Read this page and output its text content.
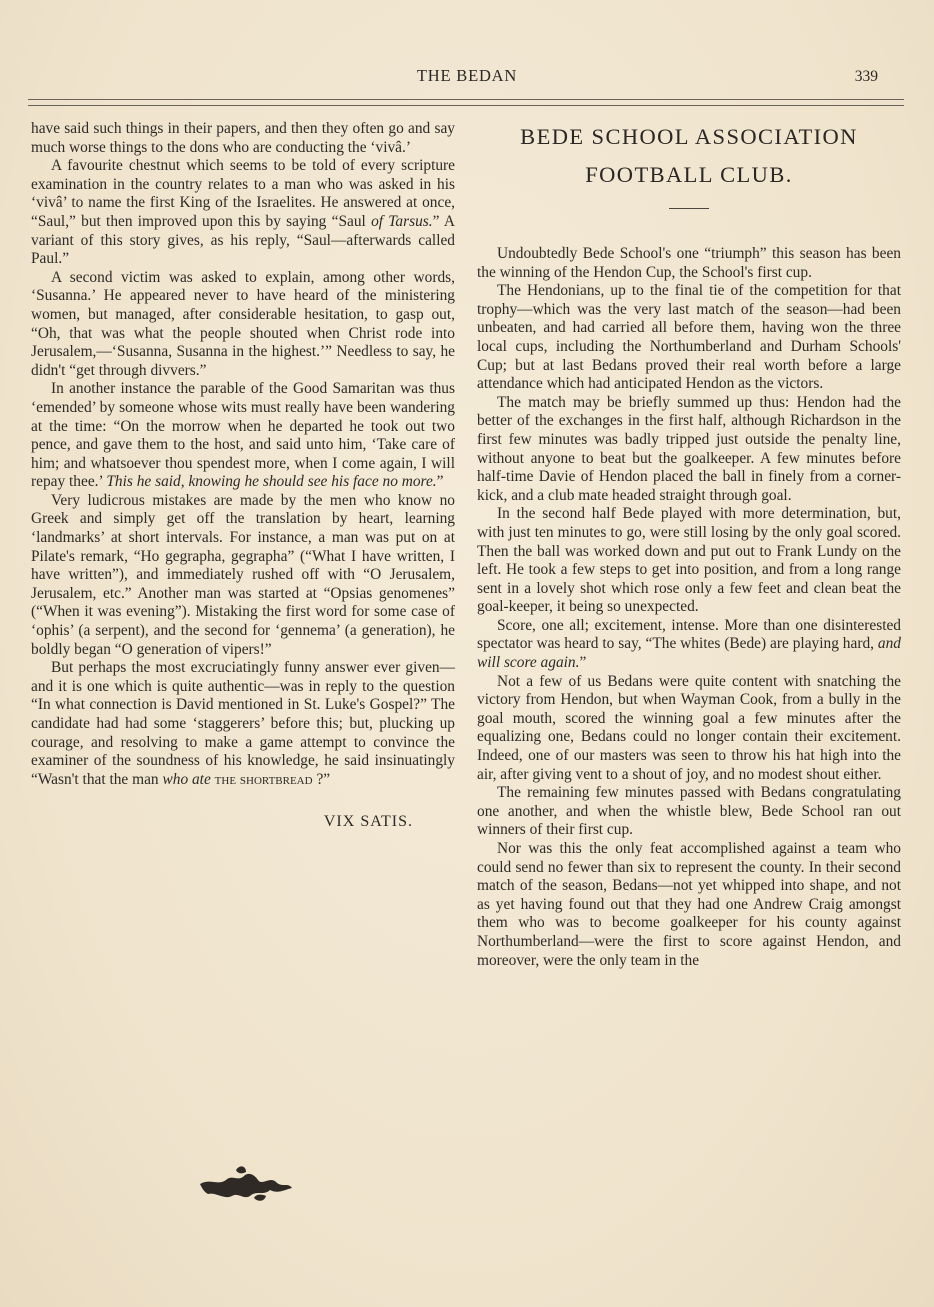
THE BEDAN	339

have said such things in their papers, and then they often go and say much worse things to the dons who are conducting the ‘vivâ.’

A favourite chestnut which seems to be told of every scripture examination in the country relates to a man who was asked in his ‘vivâ’ to name the first King of the Israelites. He answered at once, “Saul,” but then improved upon this by saying “Saul of Tarsus.” A variant of this story gives, as his reply, “Saul—afterwards called Paul.”

A second victim was asked to explain, among other words, ‘Susanna.’ He appeared never to have heard of the ministering women, but managed, after considerable hesitation, to gasp out, “Oh, that was what the people shouted when Christ rode into Jerusalem,—‘Susanna, Susanna in the highest.’” Needless to say, he didn't “get through divvers.”

In another instance the parable of the Good Samaritan was thus ‘emended’ by someone whose wits must really have been wandering at the time: “On the morrow when he departed he took out two pence, and gave them to the host, and said unto him, ‘Take care of him; and whatsoever thou spendest more, when I come again, I will repay thee.’ This he said, knowing he should see his face no more.”

Very ludicrous mistakes are made by the men who know no Greek and simply get off the translation by heart, learning ‘landmarks’ at short intervals. For instance, a man was put on at Pilate's remark, “Ho gegrapha, gegrapha” (“What I have written, I have written”), and immediately rushed off with “O Jerusalem, Jerusalem, etc.” Another man was started at “Opsias genomenes” (“When it was evening”). Mistaking the first word for some case of ‘ophis’ (a serpent), and the second for ‘gennema’ (a generation), he boldly began “O generation of vipers!”

But perhaps the most excruciatingly funny answer ever given—and it is one which is quite authentic—was in reply to the question “In what connection is David mentioned in St. Luke's Gospel?” The candidate had had some ‘staggerers’ before this; but, plucking up courage, and resolving to make a game attempt to convince the examiner of the soundness of his knowledge, he said insinuatingly “Wasn't that the man who ate the shortbread ?”

VIX SATIS.
BEDE SCHOOL ASSOCIATION
FOOTBALL CLUB.

Undoubtedly Bede School's one “triumph” this season has been the winning of the Hendon Cup, the School's first cup.

The Hendonians, up to the final tie of the competition for that trophy—which was the very last match of the season—had been unbeaten, and had carried all before them, having won the three local cups, including the Northumberland and Durham Schools' Cup; but at last Bedans proved their real worth before a large attendance which had anticipated Hendon as the victors.

The match may be briefly summed up thus: Hendon had the better of the exchanges in the first half, although Richardson in the first few minutes was badly tripped just outside the penalty line, without anyone to beat but the goalkeeper. A few minutes before half-time Davie of Hendon placed the ball in finely from a corner-kick, and a club mate headed straight through goal.

In the second half Bede played with more determination, but, with just ten minutes to go, were still losing by the only goal scored. Then the ball was worked down and put out to Frank Lundy on the left. He took a few steps to get into position, and from a long range sent in a lovely shot which rose only a few feet and clean beat the goal-keeper, it being so unexpected.

Score, one all; excitement, intense. More than one disinterested spectator was heard to say, “The whites (Bede) are playing hard, and will score again.”

Not a few of us Bedans were quite content with snatching the victory from Hendon, but when Wayman Cook, from a bully in the goal mouth, scored the winning goal a few minutes after the equalizing one, Bedans could no longer contain their excitement. Indeed, one of our masters was seen to throw his hat high into the air, after giving vent to a shout of joy, and no modest shout either.

The remaining few minutes passed with Bedans congratulating one another, and when the whistle blew, Bede School ran out winners of their first cup.

Nor was this the only feat accomplished against a team who could send no fewer than six to represent the county. In their second match of the season, Bedans—not yet whipped into shape, and not as yet having found out that they had one Andrew Craig amongst them who was to become goalkeeper for his county against Northumberland—were the first to score against Hendon, and moreover, were the only team in the
